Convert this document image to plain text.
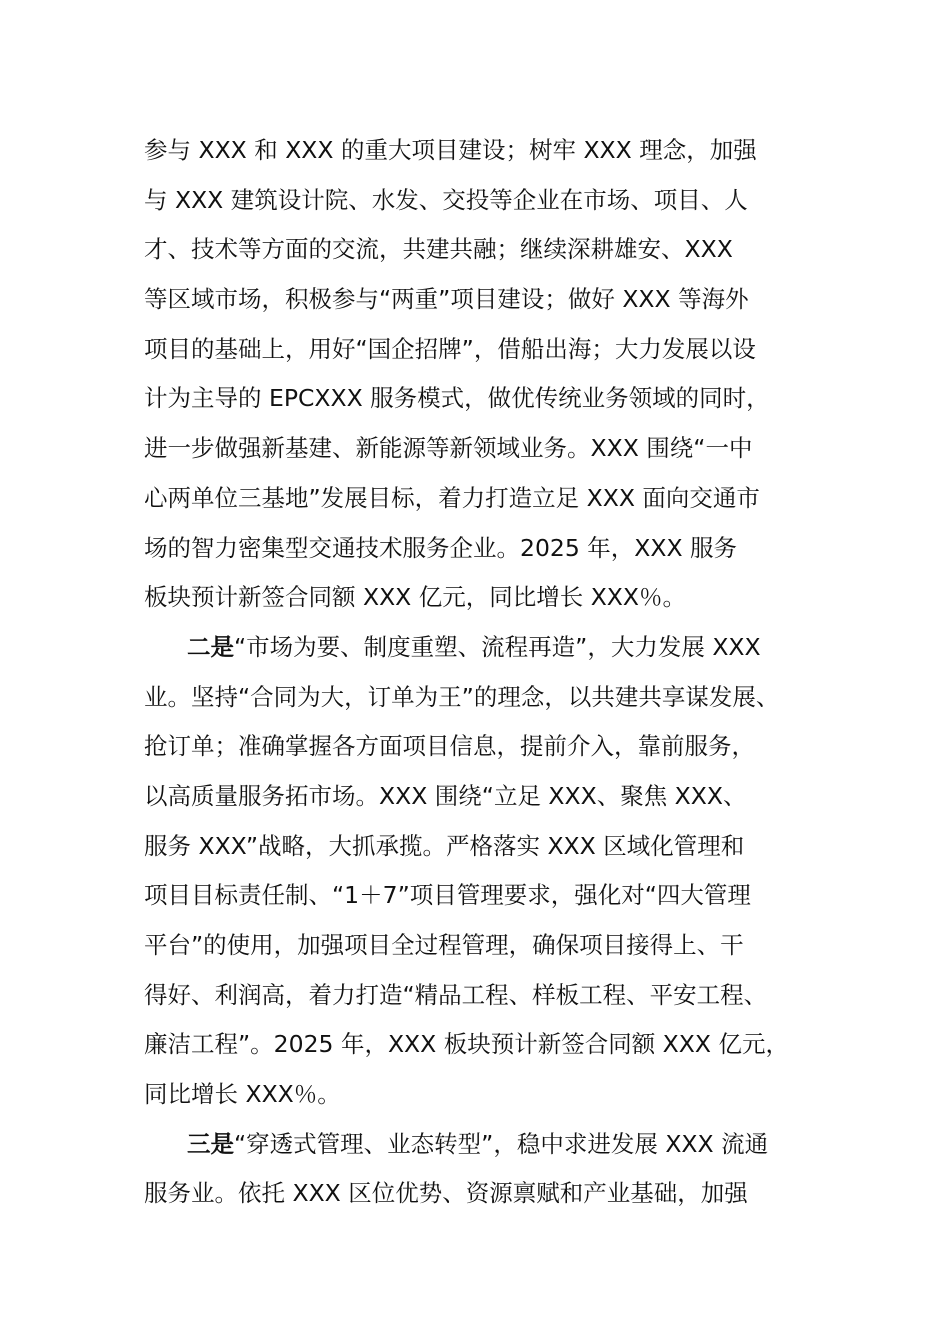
参与 XXX 和 XXX 的重大项目建设；树牢 XXX 理念，加强
与 XXX 建筑设计院、水发、交投等企业在市场、项目、人
才、技术等方面的交流，共建共融；继续深耕雄安、XXX
等区域市场，积极参与“两重”项目建设；做好 XXX 等海外
项目的基础上，用好“国企招牌”，借船出海；大力发展以设
计为主导的 EPCXXX 服务模式，做优传统业务领域的同时，
进一步做强新基建、新能源等新领域业务。XXX 围绕“一中
心两单位三基地”发展目标，着力打造立足 XXX 面向交通市
场的智力密集型交通技术服务企业。2025 年，XXX 服务
板块预计新签合同额 XXX 亿元，同比增长 XXX％。
二是“市场为要、制度重塑、流程再造”，大力发展 XXX
业。坚持“合同为大，订单为王”的理念，以共建共享谋发展、
抢订单；准确掌握各方面项目信息，提前介入，靠前服务，
以高质量服务拓市场。XXX 围绕“立足 XXX、聚焦 XXX、
服务 XXX”战略，大抓承揽。严格落实 XXX 区域化管理和
项目目标责任制、“1＋7”项目管理要求，强化对“四大管理
平台”的使用，加强项目全过程管理，确保项目接得上、干
得好、利润高，着力打造“精品工程、样板工程、平安工程、
廉洁工程”。2025 年，XXX 板块预计新签合同额 XXX 亿元，
同比增长 XXX％。
三是“穿透式管理、业态转型”，稳中求进发展 XXX 流通
服务业。依托 XXX 区位优势、资源禀赋和产业基础，加强
